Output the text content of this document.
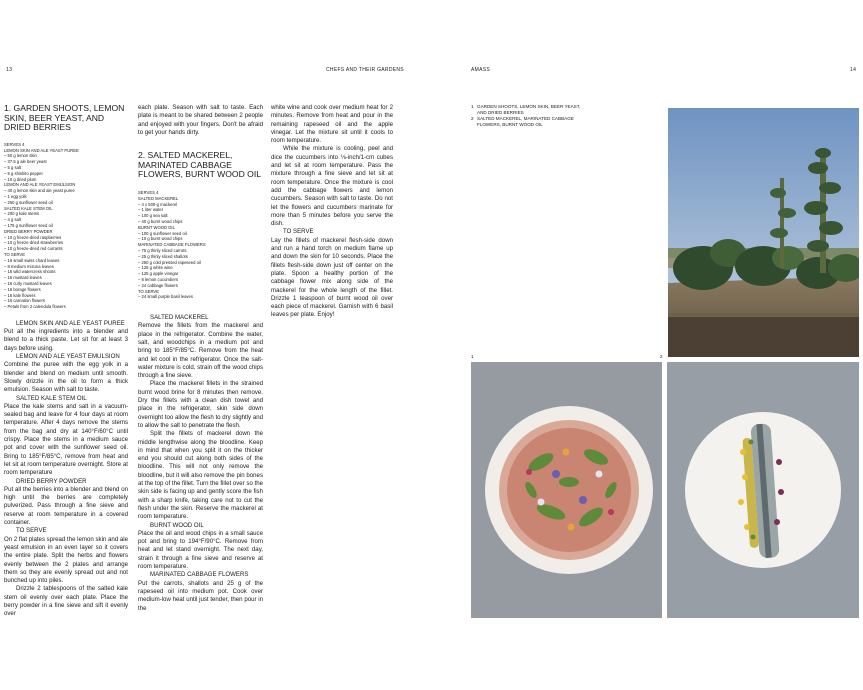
13	CHEFS AND THEIR GARDENS	AMASS	14
1. GARDEN SHOOTS, LEMON SKIN, BEER YEAST, AND DRIED BERRIES
SERVES 4
LEMON SKIN AND ALE YEAST PUREE
– 50 g lemon skin
– 37.5 g ale beer yeast
– 5 g salt
– 5 g shishito pepper
– 10 g dried plum
LEMON AND ALE YEAST EMULSION
– 40 g lemon skin and ale yeast puree
– 1 egg yolk
– 250 g sunflower seed oil
SALTED KALE STEM OIL
– 200 g kale stems
– 4 g salt
– 175 g sunflower seed oil
DRIED BERRY POWDER
– 10 g freeze-dried raspberries
– 10 g freeze-dried strawberries
– 10 g freeze-dried red currants
TO SERVE
– 16 small swiss chard leaves
– 8 medium mizuna leaves
– 16 wild watercress shoots
– 16 mustard leaves
– 16 curly mustard leaves
– 16 borage flowers
– 16 kale flowers
– 16 carnation flowers
– Petals from 2 calendula flowers

LEMON SKIN AND ALE YEAST PUREE

Put all the ingredients into a blender and blend to a thick paste. Let sit for at least 3 days before using.

LEMON AND ALE YEAST EMULSION

Combine the puree with the egg yolk in a blender and blend on medium until smooth. Slowly drizzle in the oil to form a thick emulsion. Season with salt to taste.

SALTED KALE STEM OIL

Place the kale stems and salt in a vacuum-sealed bag and leave for 4 four days at room temperature. After 4 days remove the stems from the bag and dry at 140°F/60°C until crispy. Place the stems in a medium sauce pot and cover with the sunflower seed oil. Bring to 185°F/85°C, remove from heat and let sit at room temperature overnight. Store at room temperature

DRIED BERRY POWDER

Put all the berries into a blender and blend on high until the berries are completely pulverized. Pass through a fine sieve and reserve at room temperature in a covered container.

TO SERVE

On 2 flat plates spread the lemon skin and ale yeast emulsion in an even layer so it covers the entire plate. Split the herbs and flowers evenly between the 2 plates and arrange them so they are evenly spread out and not bunched up into piles.

Drizzle 2 tablespoons of the salted kale stem oil evenly over each plate. Place the berry powder in a fine sieve and sift it evenly over

each plate. Season with salt to taste. Each plate is meant to be shared between 2 people and enjoyed with your fingers. Don't be afraid to get your hands dirty.

2. SALTED MACKEREL, MARINATED CABBAGE FLOWERS, BURNT WOOD OIL
SERVES 4
SALTED MACKEREL
– 4 x 500-g mackerel
– 1 liter water
– 100 g sea salt
– 40 g burnt wood chips
BURNT WOOD OIL
– 100 g sunflower seed oil
– 10 g burnt wood chips
MARINATED CABBAGE FLOWERS
– 75 g thinly sliced carrots
– 25 g thinly sliced shallots
– 250 g cold pressed rapeseed oil
– 125 g white wine
– 125 g apple vinegar
– 8 lemon cucumbers
– 24 cabbage flowers
TO SERVE
– 24 small purple basil leaves

SALTED MACKEREL

Remove the fillets from the mackerel and place in the refrigerator. Combine the water, salt, and woodchips in a medium pot and bring to 185°F/85°C. Remove from the heat and let cool in the refrigerator. Once the salt-water mixture is cold, strain off the wood chips through a fine sieve.

Place the mackerel fillets in the strained burnt wood brine for 8 minutes then remove. Dry the fillets with a clean dish towel and place in the refrigerator, skin side down overnight too allow the flesh to dry slightly and to allow the salt to penetrate the flesh.

Split the fillets of mackerel down the middle lengthwise along the bloodline. Keep in mind that when you split it on the thicker end you should cut along both sides of the bloodline. This will not only remove the bloodline, but it will also remove the pin bones at the top of the fillet. Turn the fillet over so the skin side is facing up and gently score the fish with a sharp knife, taking care not to cut the flesh under the skin. Reserve the mackerel at room temperature.

BURNT WOOD OIL

Place the oil and wood chips in a small sauce pot and bring to 194°F/90°C. Remove from heat and let stand overnight. The next day, strain it through a fine sieve and reserve at room temperature.

MARINATED CABBAGE FLOWERS

Put the carrots, shallots and 25 g of the rapeseed oil into medium pot. Cook over medium-low heat until just tender, then pour in the

white wine and cook over medium heat for 2 minutes. Remove from heat and pour in the remaining rapeseed oil and the apple vinegar. Let the mixture sit until it cools to room temperature.

While the mixture is cooling, peel and dice the cucumbers into ⅛-inch/1-cm cubes and let sit at room temperature. Pass the mixture through a fine sieve and let sit at room temperature. Once the mixture is cool add the cabbage flowers and lemon cucumbers. Season with salt to taste. Do not let the flowers and cucumbers marinate for more than 5 minutes before you serve the dish.

TO SERVE

Lay the fillets of mackerel flesh-side down and run a hand torch on medium flame up and down the skin for 10 seconds. Place the fillets flesh-side down just off center on the plate. Spoon a healthy portion of the cabbage flower mix along side of the mackerel for the whole length of the fillet. Drizzle 1 teaspoon of burnt wood oil over each piece of mackerel. Garnish with 6 basil leaves per plate. Enjoy!

1 GARDEN SHOOTS, LEMON SKIN, BEER YEAST, AND DRIED BERRIES
2 SALTED MACKEREL, MARINATED CABBAGE FLOWERS, BURNT WOOD OIL
1	2
